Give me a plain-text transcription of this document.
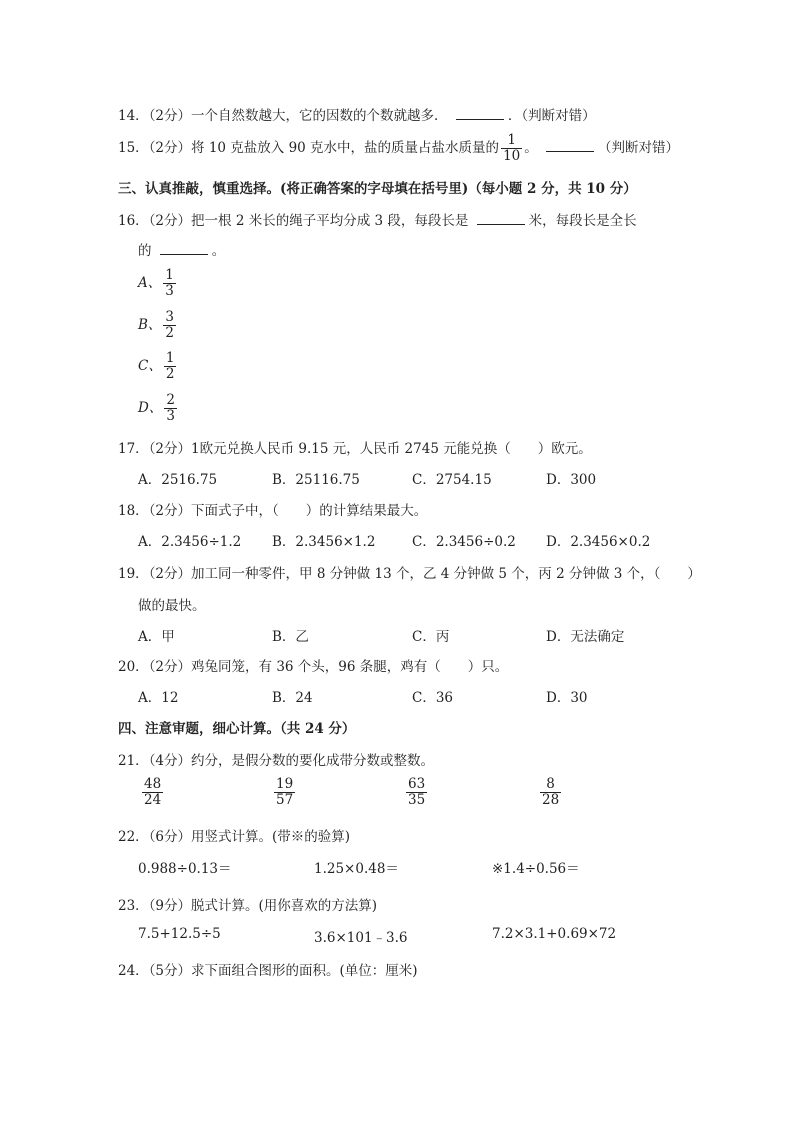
14．（2分）一个自然数越大，它的因数的个数就越多．	．（判断对错）
15．（2分）将 10 克盐放入 90 克水中，盐的质量占盐水质量的 $\frac{1}{10}$ 。	（判断对错）
三、认真推敲，慎重选择。(将正确答案的字母填在括号里)（每小题 2 分，共 10 分）
16．（2分）把一根 2 米长的绳子平均分成 3 段，每段长是	米，每段长是全长
的	。
A、 $\frac{1}{3}$
B、 $\frac{3}{2}$
C、 $\frac{1}{2}$
D、 $\frac{2}{3}$
17．（2分）1欧元兑换人民币 9.15 元，人民币 2745 元能兑换（　　）欧元。
A．2516.75	B．25116.75	C．2754.15	D．300
18．（2分）下面式子中，（　　）的计算结果最大。
A．2.3456÷1.2 B．2.3456×1.2	C．2.3456÷0.2 D．2.3456×0.2
19．（2分）加工同一种零件，甲 8 分钟做 13 个，乙 4 分钟做 5 个，丙 2 分钟做 3 个，（　　）
做的最快。
A．甲	B．乙	C．丙	D．无法确定
20．（2分）鸡兔同笼，有 36 个头，96 条腿，鸡有（　　）只。
A．12	B．24	C．36	D．30
四、注意审题，细心计算。（共 24 分）
21．（4分）约分，是假分数的要化成带分数或整数。
$\frac{48}{24}$	$\frac{19}{57}$	$\frac{63}{35}$	$\frac{8}{28}$
22．（6分）用竖式计算。(带※的验算)
0.988÷0.13＝	1.25×0.48＝	※1.4÷0.56＝
23．（9分）脱式计算。(用你喜欢的方法算)
7.5+12.5÷5	3.6×101﹣3.6	7.2×3.1+0.69×72
24．（5分）求下面组合图形的面积。(单位：厘米)
